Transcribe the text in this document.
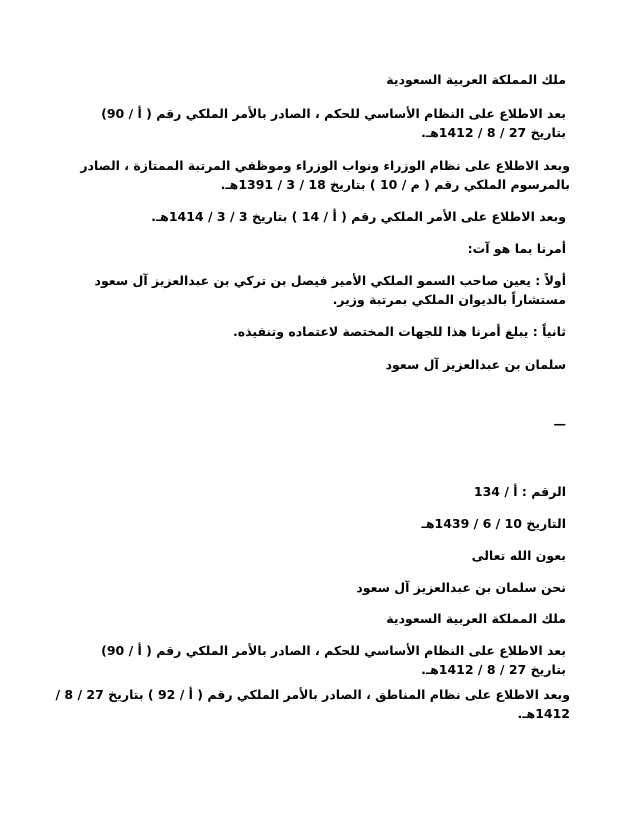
ملك المملكة العربية السعودية
بعد الاطلاع على النظام الأساسي للحكم ، الصادر بالأمر الملكي رقم ( أ / 90) بتاريخ 27 / 8 / 1412هـ.
وبعد الاطلاع على نظام الوزراء ونواب الوزراء وموظفي المرتبة الممتازة ، الصادر بالمرسوم الملكي رقم ( م / 10 ) بتاريخ 18 / 3 / 1391هـ.
وبعد الاطلاع على الأمر الملكي رقم ( أ / 14 ) بتاريخ 3 / 3 / 1414هـ.
أمرنا بما هو آت:
أولاً : يعين صاحب السمو الملكي الأمير فيصل بن تركي بن عبدالعزيز آل سعود مستشاراً بالديوان الملكي بمرتبة وزير.
ثانياً : يبلغ أمرنا هذا للجهات المختصة لاعتماده وتنفيذه.
سلمان بن عبدالعزيز آل سعود
—
الرقم : أ / 134
التاريخ 10 / 6 / 1439هـ
بعون الله تعالى
نحن سلمان بن عبدالعزيز آل سعود
ملك المملكة العربية السعودية
بعد الاطلاع على النظام الأساسي للحكم ، الصادر بالأمر الملكي رقم ( أ / 90) بتاريخ 27 / 8 / 1412هـ.
وبعد الاطلاع على نظام المناطق ، الصادر بالأمر الملكي رقم ( أ / 92 ) بتاريخ 27 / 8 / 1412هـ.
